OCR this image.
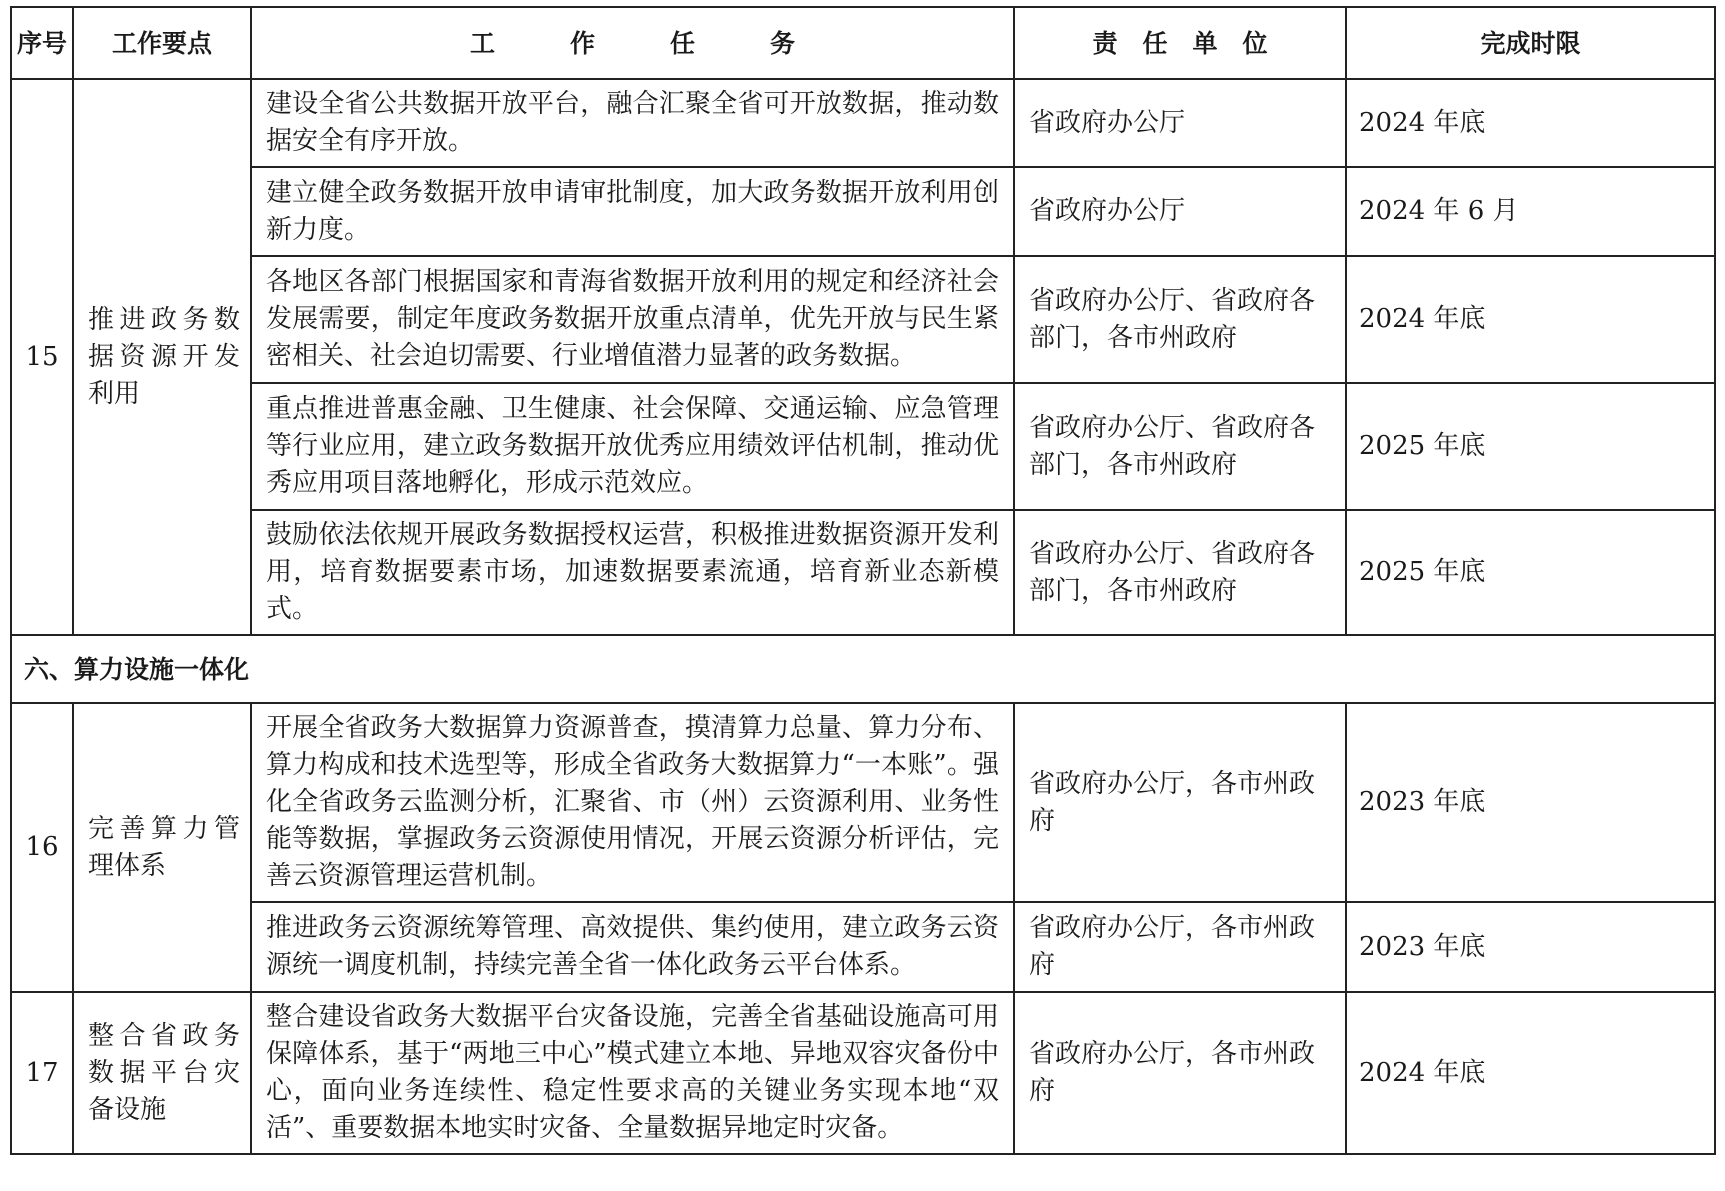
序号	工作要点	工　　　作　　　任　　　务	责　任　单　位	完成时限
15	推进政务数据资源开发利用	建设全省公共数据开放平台，融合汇聚全省可开放数据，推动数据安全有序开放。	省政府办公厅	2024 年底
		建立健全政务数据开放申请审批制度，加大政务数据开放利用创新力度。	省政府办公厅	2024 年 6 月
		各地区各部门根据国家和青海省数据开放利用的规定和经济社会发展需要，制定年度政务数据开放重点清单，优先开放与民生紧密相关、社会迫切需要、行业增值潜力显著的政务数据。	省政府办公厅、省政府各部门，各市州政府	2024 年底
		重点推进普惠金融、卫生健康、社会保障、交通运输、应急管理等行业应用，建立政务数据开放优秀应用绩效评估机制，推动优秀应用项目落地孵化，形成示范效应。	省政府办公厅、省政府各部门，各市州政府	2025 年底
		鼓励依法依规开展政务数据授权运营，积极推进数据资源开发利用，培育数据要素市场，加速数据要素流通，培育新业态新模式。	省政府办公厅、省政府各部门，各市州政府	2025 年底
六、算力设施一体化				
16	完善算力管理体系	开展全省政务大数据算力资源普查，摸清算力总量、算力分布、算力构成和技术选型等，形成全省政务大数据算力“一本账”。强化全省政务云监测分析，汇聚省、市（州）云资源利用、业务性能等数据，掌握政务云资源使用情况，开展云资源分析评估，完善云资源管理运营机制。	省政府办公厅，各市州政府	2023 年底
		推进政务云资源统筹管理、高效提供、集约使用，建立政务云资源统一调度机制，持续完善全省一体化政务云平台体系。	省政府办公厅，各市州政府	2023 年底
17	整合省政务数据平台灾备设施	整合建设省政务大数据平台灾备设施，完善全省基础设施高可用保障体系，基于“两地三中心”模式建立本地、异地双容灾备份中心，面向业务连续性、稳定性要求高的关键业务实现本地“双活”、重要数据本地实时灾备、全量数据异地定时灾备。	省政府办公厅，各市州政府	2024 年底
